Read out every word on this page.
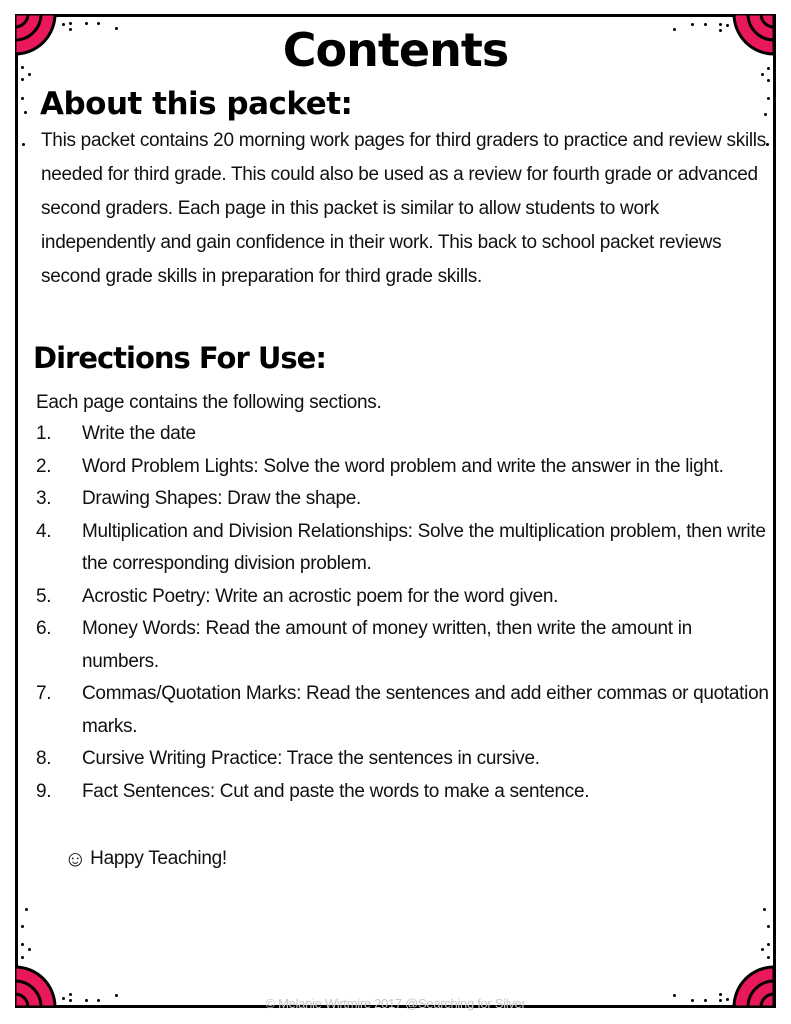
Contents
About this packet:

This packet contains 20 morning work pages for third graders to practice and review skills needed for third grade. This could also be used as a review for fourth grade or advanced second graders. Each page in this packet is similar to allow students to work independently and gain confidence in their work. This back to school packet reviews second grade skills in preparation for third grade skills.

Directions For Use:
Each page contains the following sections.
1.	Write the date
2.	Word Problem Lights: Solve the word problem and write the answer in the light.
3.	Drawing Shapes: Draw the shape.
4.	Multiplication and Division Relationships: Solve the multiplication problem, then write the corresponding division problem.
5.	Acrostic Poetry: Write an acrostic poem for the word given.
6.	Money Words: Read the amount of money written, then write the amount in numbers.
7.	Commas/Quotation Marks: Read the sentences and add either commas or quotation marks.
8.	Cursive Writing Practice: Trace the sentences in cursive.
9.	Fact Sentences: Cut and paste the words to make a sentence.
☺ Happy Teaching!
© Melanie Wirtmire 2017 @Searching for Silver
